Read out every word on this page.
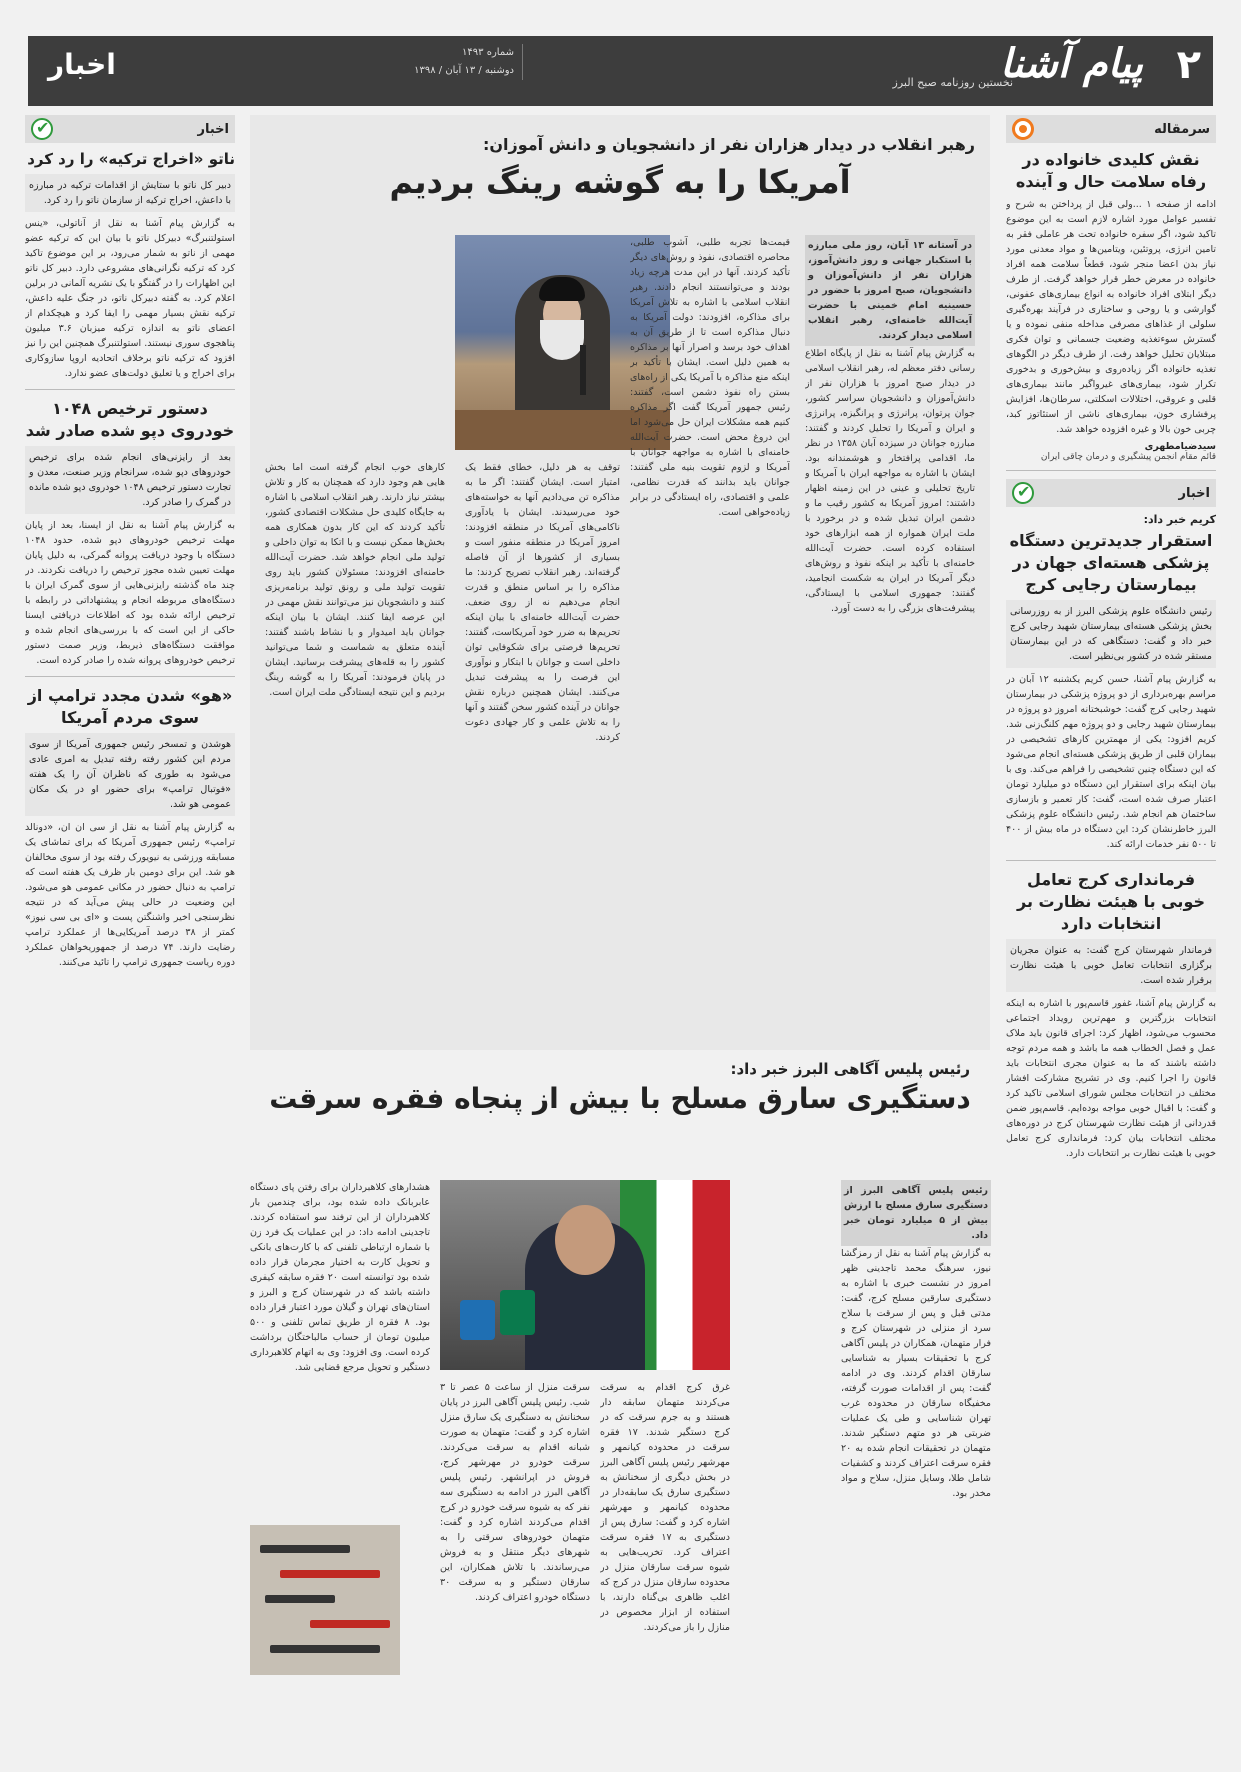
۲
پیام آشنا
نخستین روزنامه صبح البرز
شماره ۱۴۹۳
دوشنبه / ۱۳ آبان / ۱۳۹۸
اخبار
سرمقاله
نقش کلیدی خانواده در رفاه سلامت حال و آینده

ادامه از صفحه ۱ ...ولی قبل از پرداختن به شرح و تفسیر عوامل مورد اشاره لازم است به این موضوع تاکید شود، اگر سفره خانواده تحت هر عاملی فقر به تامین انرژی، پروتئین، ویتامین‌ها و مواد معدنی مورد نیاز بدن اعضا منجر شود، قطعاً سلامت همه افراد خانواده در معرض خطر قرار خواهد گرفت. از طرف دیگر ابتلای افراد خانواده به انواع بیماری‌های عفونی، گوارشی و یا روحی و ساختاری در فرآیند بهره‌گیری سلولی از غذاهای مصرفی مداخله منفی نموده و یا گسترش سوءتغذیه وضعیت جسمانی و توان فکری مبتلایان تحلیل خواهد رفت. از طرف دیگر در الگوهای تغذیه خانواده اگر زیاده‌روی و بیش‌خوری و بدخوری تکرار شود، بیماری‌های غیرواگیر مانند بیماری‌های قلبی و عروقی، اختلالات اسکلتی، سرطان‌ها، افزایش پرفشاری خون، بیماری‌های ناشی از استئاتوز کبد، چربی خون بالا و غیره افزوده خواهد شد.

سیدضیامطهری
قائم مقام انجمن پیشگیری و درمان چاقی ایران
اخبار
✔
کریم خبر داد:
استقرار جدیدترین دستگاه پزشکی هسته‌ای جهان در بیمارستان رجایی کرج

رئیس دانشگاه علوم پزشکی البرز از به روزرسانی بخش پزشکی هسته‌ای بیمارستان شهید رجایی کرج خبر داد و گفت: دستگاهی که در این بیمارستان مستقر شده در کشور بی‌نظیر است.

به گزارش پیام آشنا، حسن کریم یکشنبه ۱۲ آبان در مراسم بهره‌برداری از دو پروژه پزشکی در بیمارستان شهید رجایی کرج گفت: خوشبختانه امروز دو پروژه در بیمارستان شهید رجایی و دو پروژه مهم کلنگ‌زنی شد. کریم افزود: یکی از مهمترین کارهای تشخیصی در بیماران قلبی از طریق پزشکی هسته‌ای انجام می‌شود که این دستگاه چنین تشخیصی را فراهم می‌کند. وی با بیان اینکه برای استقرار این دستگاه دو میلیارد تومان اعتبار صرف شده است، گفت: کار تعمیر و بازسازی ساختمان هم انجام شد. رئیس دانشگاه علوم پزشکی البرز خاطرنشان کرد: این دستگاه در ماه بیش از ۴۰۰ تا ۵۰۰ نفر خدمات ارائه کند.

فرمانداری کرج تعامل خوبی با هیئت نظارت بر انتخابات دارد

فرماندار شهرستان کرج گفت: به عنوان مجریان برگزاری انتخابات تعامل خوبی با هیئت نظارت برقرار شده است.

به گزارش پیام آشنا، غفور قاسم‌پور با اشاره به اینکه انتخابات بزرگترین و مهم‌ترین رویداد اجتماعی محسوب می‌شود، اظهار کرد: اجرای قانون باید ملاک عمل و فصل الخطاب همه ما باشد و همه مردم توجه داشته باشند که ما به عنوان مجری انتخابات باید قانون را اجرا کنیم. وی در تشریح مشارکت افشار مختلف در انتخابات مجلس شورای اسلامی تاکید کرد و گفت: با اقبال خوبی مواجه بوده‌ایم. قاسم‌پور ضمن قدردانی از هیئت نظارت شهرستان کرج در دوره‌های مختلف انتخابات بیان کرد: فرمانداری کرج تعامل خوبی با هیئت نظارت بر انتخابات دارد.

اخبار
✔
ناتو «اخراج ترکیه» را رد کرد

دبیر کل ناتو با ستایش از اقدامات ترکیه در مبارزه با داعش، اخراج ترکیه از سازمان ناتو را رد کرد.

به گزارش پیام آشنا به نقل از آناتولی، «ینس استولتنبرگ» دبیرکل ناتو با بیان این که ترکیه عضو مهمی از ناتو به شمار می‌رود، بر این موضوع تاکید کرد که ترکیه نگرانی‌های مشروعی دارد. دبیر کل ناتو این اظهارات را در گفتگو با یک نشریه آلمانی در برلین اعلام کرد. به گفته دبیرکل ناتو، در جنگ علیه داعش، ترکیه نقش بسیار مهمی را ایفا کرد و هیچکدام از اعضای ناتو به اندازه ترکیه میزبان ۳.۶ میلیون پناهجوی سوری نیستند. استولتنبرگ همچنین این را نیز افزود که ترکیه ناتو برخلاف اتحادیه اروپا سازوکاری برای اخراج و یا تعلیق دولت‌های عضو ندارد.

دستور ترخیص ۱۰۴۸ خودروی دپو شده صادر شد

بعد از رایزنی‌های انجام شده برای ترخیص خودروهای دپو شده، سرانجام وزیر صنعت، معدن و تجارت دستور ترخیص ۱۰۴۸ خودروی دپو شده مانده در گمرک را صادر کرد.

به گزارش پیام آشنا به نقل از ایسنا، بعد از پایان مهلت ترخیص خودروهای دپو شده، حدود ۱۰۴۸ دستگاه با وجود دریافت پروانه گمرکی، به دلیل پایان مهلت تعیین شده مجوز ترخیص را دریافت نکردند. در چند ماه گذشته رایزنی‌هایی از سوی گمرک ایران با دستگاه‌های مربوطه انجام و پیشنهاداتی در رابطه با ترخیص ارائه شده بود که اطلاعات دریافتی ایسنا حاکی از این است که با بررسی‌های انجام شده و موافقت دستگاه‌های ذیربط، وزیر صمت دستور ترخیص خودروهای پروانه شده را صادر کرده است.

«هو» شدن مجدد ترامپ از سوی مردم آمریکا

هوشدن و تمسخر رئیس جمهوری آمریکا از سوی مردم این کشور رفته رفته تبدیل به امری عادی می‌شود به طوری که ناظران آن را یک هفته «فوتبال ترامپ» برای حضور او در یک مکان عمومی هو شد.

به گزارش پیام آشنا به نقل از سی ان ان، «دونالد ترامپ» رئیس جمهوری آمریکا که برای تماشای یک مسابقه ورزشی به نیویورک رفته بود از سوی مخالفان هو شد. این برای دومین بار ظرف یک هفته است که ترامپ به دنبال حضور در مکانی عمومی هو می‌شود. این وضعیت در حالی پیش می‌آید که در نتیجه نظرسنجی اخیر واشنگتن پست و «ای بی سی نیوز» کمتر از ۳۸ درصد آمریکایی‌ها از عملکرد ترامپ رضایت دارند. ۷۴ درصد از جمهوریخواهان عملکرد دوره ریاست جمهوری ترامپ را تائید می‌کنند.

رهبر انقلاب در دیدار هزاران نفر از دانشجویان و دانش آموزان:
آمریکا را به گوشه رینگ بردیم

در آستانه ۱۳ آبان، روز ملی مبارزه با استکبار جهانی و روز دانش‌آموز، هزاران نفر از دانش‌آموزان و دانشجویان، صبح امروز با حضور در حسینیه امام خمینی با حضرت آیت‌الله خامنه‌ای، رهبر انقلاب اسلامی دیدار کردند.

به گزارش پیام آشنا به نقل از پایگاه اطلاع رسانی دفتر معظم له، رهبر انقلاب اسلامی در دیدار صبح امروز با هزاران نفر از دانش‌آموزان و دانشجویان سراسر کشور، جوان پرتوان، پرانرژی و پرانگیزه، پرانرژی و ایران و آمریکا را تحلیل کردند و گفتند: مبارزه جوانان در سیزده آبان ۱۳۵۸ در نظر ما، اقدامی پرافتخار و هوشمندانه بود. ایشان با اشاره به مواجهه ایران با آمریکا و تاریخ تحلیلی و عینی در این زمینه اظهار داشتند: امروز آمریکا به کشور رقیب ما و دشمن ایران تبدیل شده و در برخورد با ملت ایران همواره از همه ابزارهای خود استفاده کرده است. حضرت آیت‌الله خامنه‌ای با تأکید بر اینکه نفوذ و روش‌های دیگر آمریکا در ایران به شکست انجامید، گفتند: جمهوری اسلامی با ایستادگی، پیشرفت‌های بزرگی را به دست آورد.

قیمت‌ها تجربه طلبی، آشوب طلبی، محاصره اقتصادی، نفوذ و روش‌های دیگر تأکید کردند. آنها در این مدت هرچه زیاد بودند و می‌توانستند انجام دادند. رهبر انقلاب اسلامی با اشاره به تلاش آمریکا برای مذاکره، افزودند: دولت آمریکا به دنبال مذاکره است تا از طریق آن به اهداف خود برسد و اصرار آنها بر مذاکره به همین دلیل است. ایشان با تأکید بر اینکه منع مذاکره با آمریکا یکی از راه‌های بستن راه نفوذ دشمن است، گفتند: رئیس جمهور آمریکا گفت اگر مذاکره کنیم همه مشکلات ایران حل می‌شود اما این دروغ محض است. حضرت آیت‌الله خامنه‌ای با اشاره به مواجهه جوانان با آمریکا و لزوم تقویت بنیه ملی گفتند: جوانان باید بدانند که قدرت نظامی، علمی و اقتصادی، راه ایستادگی در برابر زیاده‌خواهی است.

توقف به هر دلیل، خطای فقط یک امتیاز است. ایشان گفتند: اگر ما به مذاکره تن می‌دادیم آنها به خواسته‌های خود می‌رسیدند. ایشان با یادآوری ناکامی‌های آمریکا در منطقه افزودند: امروز آمریکا در منطقه منفور است و بسیاری از کشورها از آن فاصله گرفته‌اند. رهبر انقلاب تصریح کردند: ما مذاکره را بر اساس منطق و قدرت انجام می‌دهیم نه از روی ضعف. حضرت آیت‌الله خامنه‌ای با بیان اینکه تحریم‌ها به ضرر خود آمریکاست، گفتند: تحریم‌ها فرصتی برای شکوفایی توان داخلی است و جوانان با ابتکار و نوآوری این فرصت را به پیشرفت تبدیل می‌کنند. ایشان همچنین درباره نقش جوانان در آینده کشور سخن گفتند و آنها را به تلاش علمی و کار جهادی دعوت کردند.

کارهای خوب انجام گرفته است اما بخش هایی هم وجود دارد که همچنان به کار و تلاش بیشتر نیاز دارند. رهبر انقلاب اسلامی با اشاره به جایگاه کلیدی حل مشکلات اقتصادی کشور، تأکید کردند که این کار بدون همکاری همه بخش‌ها ممکن نیست و با اتکا به توان داخلی و تولید ملی انجام خواهد شد. حضرت آیت‌الله خامنه‌ای افزودند: مسئولان کشور باید روی تقویت تولید ملی و رونق تولید برنامه‌ریزی کنند و دانشجویان نیز می‌توانند نقش مهمی در این عرصه ایفا کنند. ایشان با بیان اینکه جوانان باید امیدوار و با نشاط باشند گفتند: آینده متعلق به شماست و شما می‌توانید کشور را به قله‌های پیشرفت برسانید. ایشان در پایان فرمودند: آمریکا را به گوشه رینگ بردیم و این نتیجه ایستادگی ملت ایران است.

رئیس پلیس آگاهی البرز خبر داد:
دستگیری سارق مسلح با بیش از پنجاه فقره سرقت

رئیس پلیس آگاهی البرز از دستگیری سارق مسلح با ارزش بیش از ۵ میلیارد تومان خبر داد.

به گزارش پیام آشنا به نقل از رمزگشا نیوز، سرهنگ محمد تاجدینی ظهر امروز در نشست خبری با اشاره به دستگیری سارقین مسلح کرج، گفت: مدتی قبل و پس از سرقت با سلاح سرد از منزلی در شهرستان کرج و فرار متهمان، همکاران در پلیس آگاهی کرج با تحقیقات بسیار به شناسایی سارقان اقدام کردند. وی در ادامه گفت: پس از اقدامات صورت گرفته، مخفیگاه سارقان در محدوده غرب تهران شناسایی و طی یک عملیات ضربتی هر دو متهم دستگیر شدند. متهمان در تحقیقات انجام شده به ۲۰ فقره سرقت اعتراف کردند و کشفیات شامل طلا، وسایل منزل، سلاح و مواد مخدر بود.

غرق کرج اقدام به سرقت می‌کردند متهمان سابقه دار هستند و به جرم سرقت که در کرج دستگیر شدند. ۱۷ فقره سرقت در محدوده کیانمهر و مهرشهر رئیس پلیس آگاهی البرز در بخش دیگری از سخنانش به دستگیری سارق یک سابقه‌دار در محدوده کیانمهر و مهرشهر اشاره کرد و گفت: سارق پس از دستگیری به ۱۷ فقره سرقت اعتراف کرد. تخریب‌هایی به شیوه سرقت سارقان منزل در محدوده سارقان منزل در کرج که اغلب ظاهری بی‌گناه دارند، با استفاده از ابزار مخصوص در منازل را باز می‌کردند.

سرقت منزل از ساعت ۵ عصر تا ۳ شب. رئیس پلیس آگاهی البرز در پایان سخنانش به دستگیری یک سارق منزل اشاره کرد و گفت: متهمان به صورت شبانه اقدام به سرقت می‌کردند. سرقت خودرو در مهرشهر کرج، فروش در اپرانشهر. رئیس پلیس آگاهی البرز در ادامه به دستگیری سه نفر که به شیوه سرقت خودرو در کرج اقدام می‌کردند اشاره کرد و گفت: متهمان خودروهای سرقتی را به شهرهای دیگر منتقل و به فروش می‌رساندند. با تلاش همکاران، این سارقان دستگیر و به سرقت ۳۰ دستگاه خودرو اعتراف کردند.

هشدارهای کلاهبرداران برای رفتن پای دستگاه عابربانک داده شده بود، برای چندمین بار کلاهبرداران از این ترفند سو استفاده کردند. تاجدینی ادامه داد: در این عملیات یک فرد زن با شماره ارتباطی تلفنی که با کارت‌های بانکی و تحویل کارت به اختیار مجرمان قرار داده شده بود توانسته است ۲۰ فقره سابقه کیفری داشته باشد که در شهرستان کرج و البرز و استان‌های تهران و گیلان مورد اعتبار قرار داده بود. ۸ فقره از طریق تماس تلفنی و ۵۰۰ میلیون تومان از حساب مالباختگان برداشت کرده است. وی افزود: وی به اتهام کلاهبرداری دستگیر و تحویل مرجع قضایی شد.
